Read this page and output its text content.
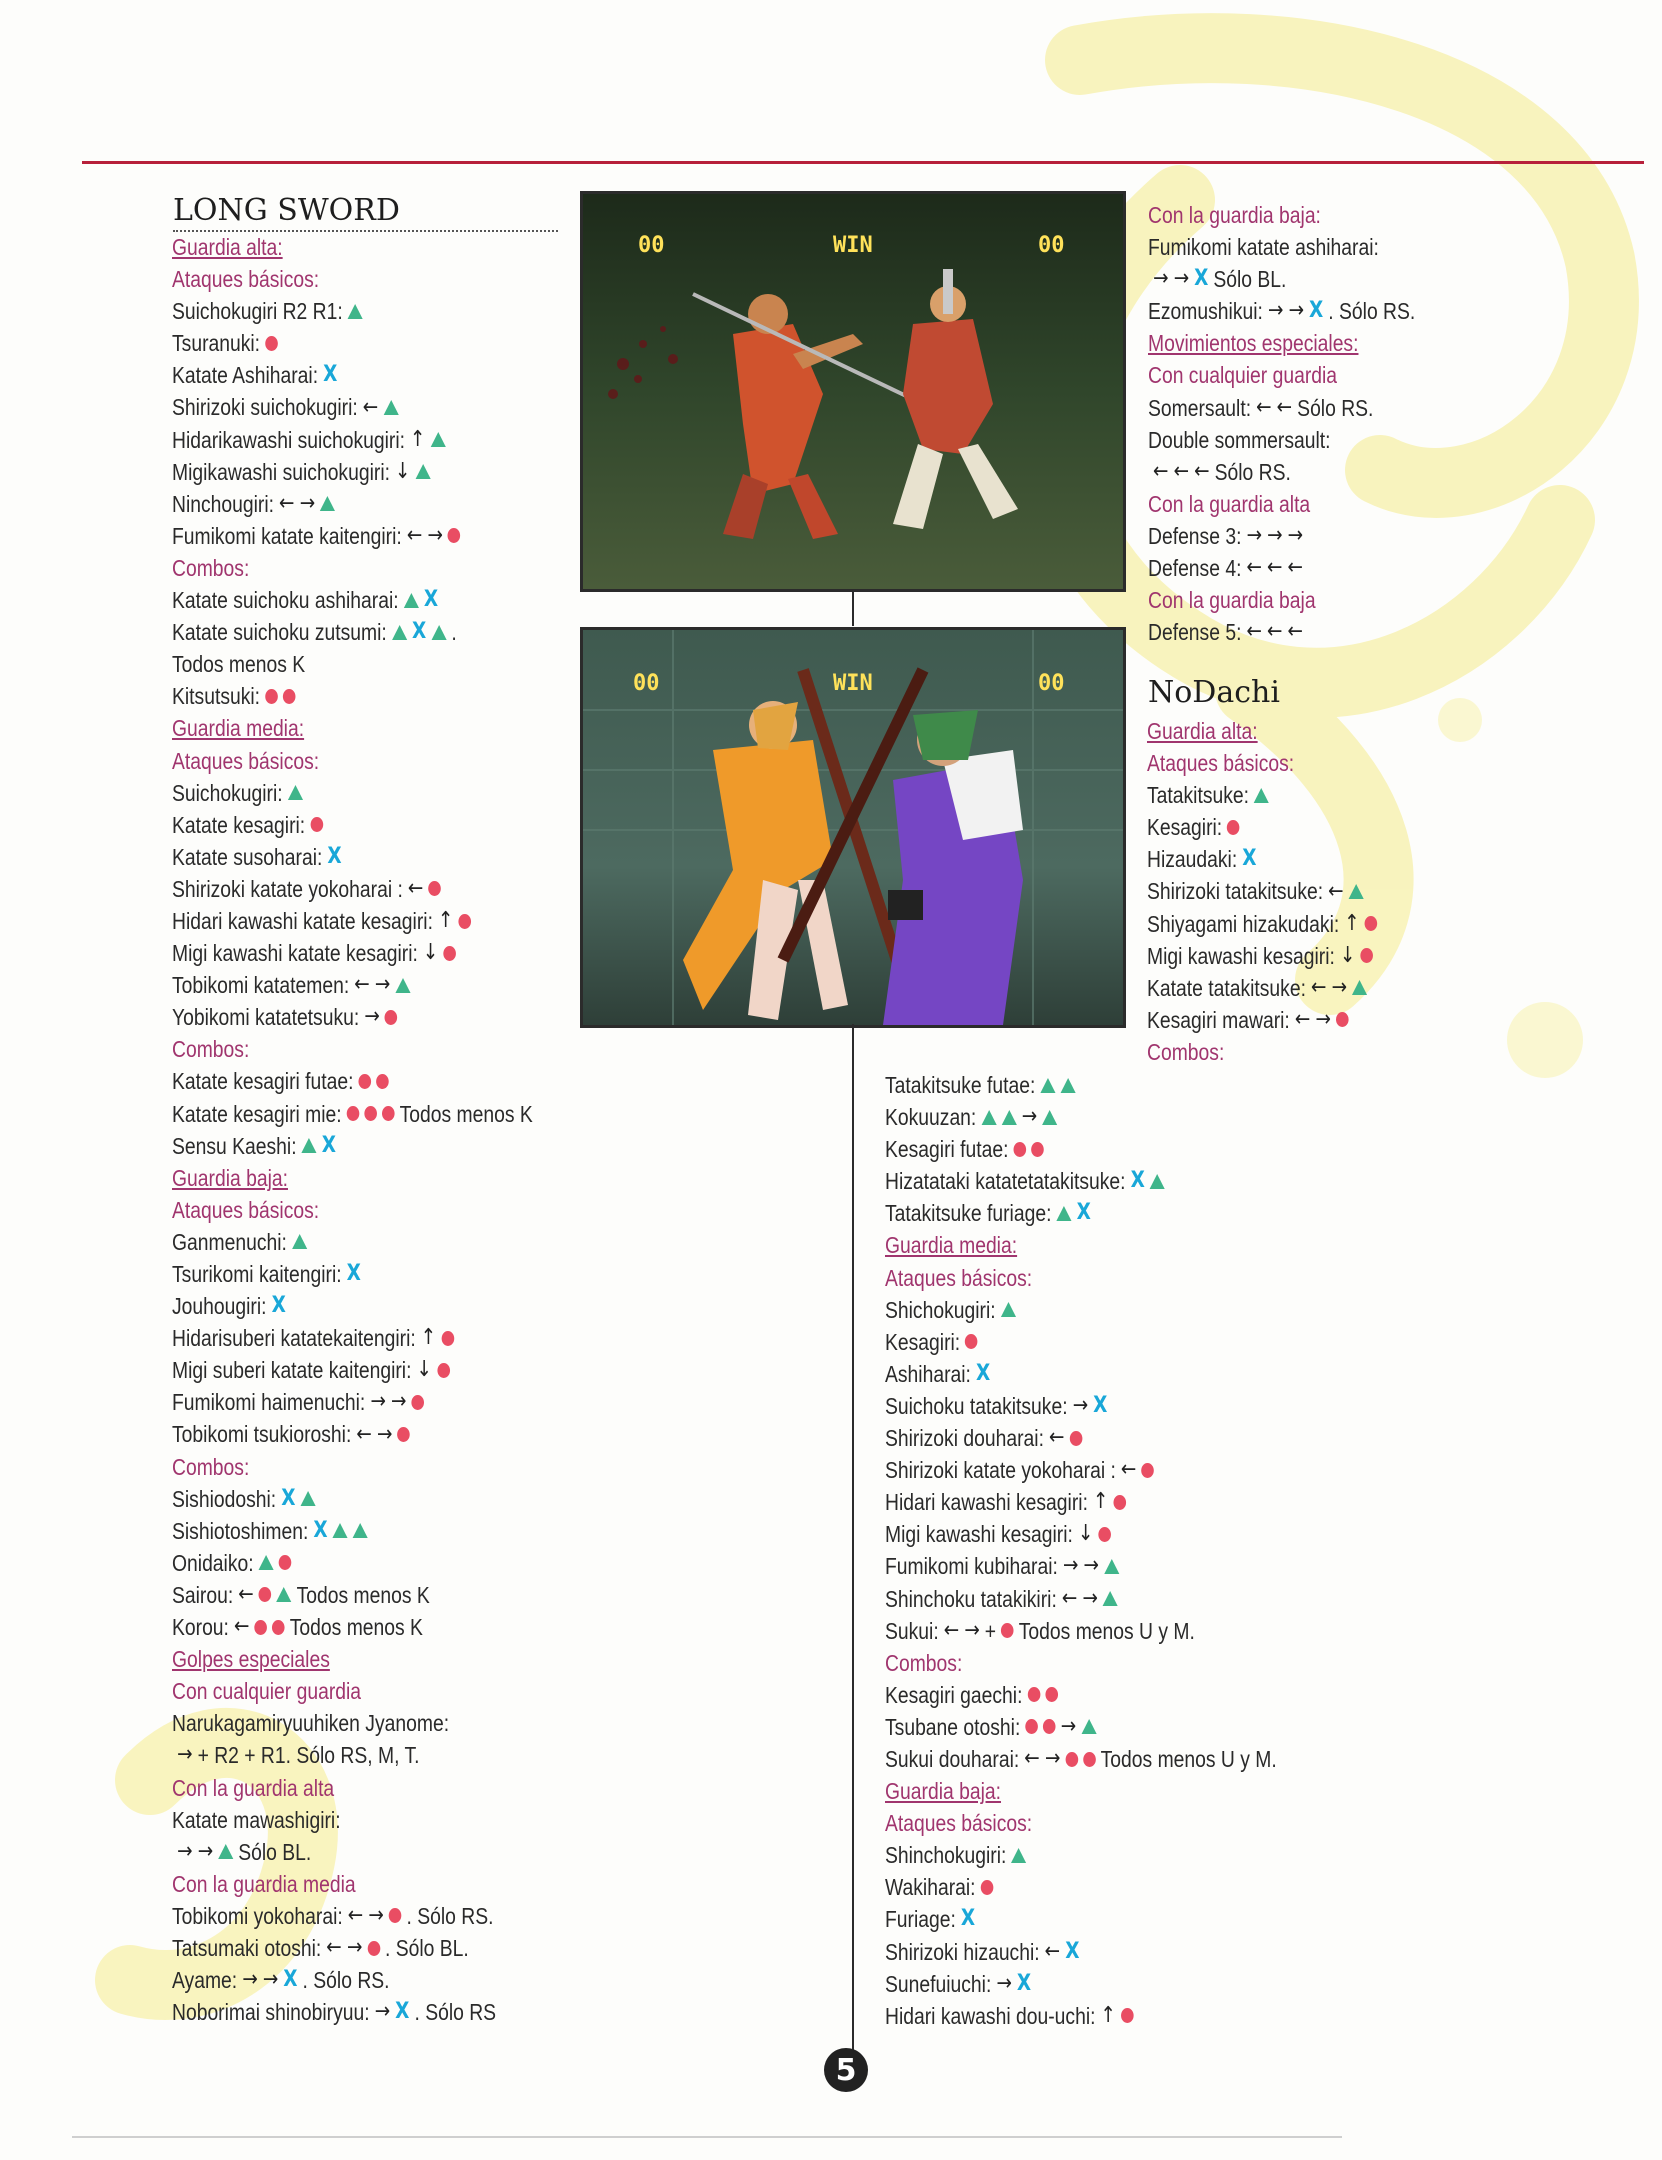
LONG SWORD
Guardia alta:
Ataques básicos:
Suichokugiri R2 R1:
Tsuranuki:
Katate Ashiharai: X
Shirizoki suichokugiri: ←
Hidarikawashi suichokugiri: ↑
Migikawashi suichokugiri: ↓
Ninchougiri: ← →
Fumikomi katate kaitengiri: ← →
Combos:
Katate suichoku ashiharai: X
Katate suichoku zutsumi: X .
Todos menos K
Kitsutsuki:
Guardia media:
Ataques básicos:
Suichokugiri:
Katate kesagiri:
Katate susoharai: X
Shirizoki katate yokoharai : ←
Hidari kawashi katate kesagiri: ↑
Migi kawashi katate kesagiri: ↓
Tobikomi katatemen: ← →
Yobikomi katatetsuku: →
Combos:
Katate kesagiri futae:
Katate kesagiri mie:	Todos menos K
Sensu Kaeshi: X
Guardia baja:
Ataques básicos:
Ganmenuchi:
Tsurikomi kaitengiri: X
Jouhougiri: X
Hidarisuberi katatekaitengiri: ↑
Migi suberi katate kaitengiri: ↓
Fumikomi haimenuchi: → →
Tobikomi tsukioroshi: ← →
Combos:
Sishiodoshi: X
Sishiotoshimen: X
Onidaiko:
Sairou: ← Todos menos K
Korou: ← Todos menos K
Golpes especiales
Con cualquier guardia
Narukagamiryuuhiken Jyanome:
→ + R2 + R1. Sólo RS, M, T.
Con la guardia alta
Katate mawashigiri:
→ → Sólo BL.
Con la guardia media
Tobikomi yokoharai: ← → . Sólo RS.
Tatsumaki otoshi: ← → . Sólo BL.
Ayame: → → X . Sólo RS.
Noborimai shinobiryuu: → X . Sólo RS
00	WIN	00
00	WIN	00
Con la guardia baja:
Fumikomi katate ashiharai:
→ → X Sólo BL.
Ezomushikui: → → X . Sólo RS.
Movimientos especiales:
Con cualquier guardia
Somersault: ← ← Sólo RS.
Double sommersault:
← ← ← Sólo RS.
Con la guardia alta
Defense 3: → → →
Defense 4: ← ← ←
Con la guardia baja
Defense 5: ← ← ←
NoDachi
Guardia alta:
Ataques básicos:
Tatakitsuke:
Kesagiri:
Hizaudaki: X
Shirizoki tatakitsuke: ←
Shiyagami hizakudaki: ↑
Migi kawashi kesagiri: ↓
Katate tatakitsuke: ← →
Kesagiri mawari: ← →
Combos:
Tatakitsuke futae:
Kokuuzan: →
Kesagiri futae:
Hizatataki katatetatakitsuke: X
Tatakitsuke furiage: X
Guardia media:
Ataques básicos:
Shichokugiri:
Kesagiri:
Ashiharai: X
Suichoku tatakitsuke: → X
Shirizoki douharai: ←
Shirizoki katate yokoharai : ←
Hidari kawashi kesagiri: ↑
Migi kawashi kesagiri: ↓
Fumikomi kubiharai: → →
Shinchoku tatakikiri: ← →
Sukui: ← → + Todos menos U y M.
Combos:
Kesagiri gaechi:
Tsubane otoshi: →
Sukui douharai: ← → Todos menos U y M.
Guardia baja:
Ataques básicos:
Shinchokugiri:
Wakiharai:
Furiage: X
Shirizoki hizauchi: ← X
Sunefuiuchi: → X
Hidari kawashi dou-uchi: ↑
5
